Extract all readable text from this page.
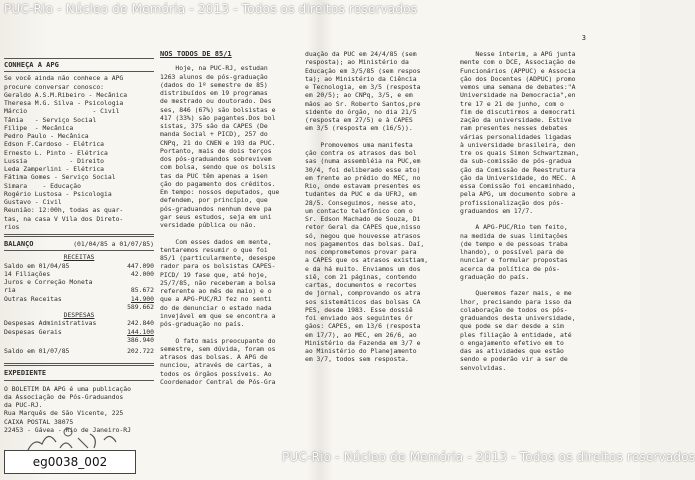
PUC-Rio - Núcleo de Memória - 2013 - Todos os direitos reservados
3

CONHEÇA A APG

Se você ainda não conhece a APG

procure conversar conosco:

Geraldo A.S.M.Ribeiro - Mecânica

Theresa M.G. Silva - Psicologia

Márcio                 - Civil

Tânia   - Serviço Social

Filipe  - Mecânica

Pedro Paulo - Mecânica

Edson F.Cardoso - Elétrica

Ernesto L. Pinto - Elétrica

Lussia           - Direito

Leda Zamperlini - Elétrica

Fátima Gomes - Serviço Social

Simara    - Educação

Rogério Lustosa - Psicologia

Gustavo - Civil

Reunião: 12:00h, todas as quar-
tas, na casa V Vila dos Direto-
rios

BALANÇO	(01/04/85 a 01/07/85)

RECEITAS

Saldo em 01/04/85	447.090
14 Filiações	42.000
Juros e Correção Moneta
ria	85.672
Outras Receitas	14.900
589.662

DESPESAS

Despesas Administrativas	242.840
Despesas Gerais	144.100
386.940
Saldo em 01/07/85	202.722

EXPEDIENTE

O BOLETIM DA APG é uma publicação
da Associação de Pós-Graduandos
da PUC-RJ.
Rua Marquês de São Vicente, 225
CAIXA POSTAL 38075
22453 - Gávea - Rio de Janeiro-RJ

NOS TODOS DE 85/1

Hoje, na PUC-RJ, estudan
1263 alunos de pós-graduação
(dados do 1º semestre de 85)
distribuídos em 19 programas
de mestrado ou doutorado. Des
ses, 846 (67%) são bolsistas e
417 (33%) são pagantes.Dos bol
sistas, 375 são da CAPES (De
manda Social + PICD), 257 do
CNPq, 21 do CNEN e 193 da PUC.
Portanto, mais de dois terços
dos pós-graduandos sobrevivem
com bolsa, sendo que os bolsis
tas da PUC têm apenas a isen
ção do pagamento dos créditos.
Em tempo: nossos deputados, que
defendem, por princípio, que
pós-graduandos nenhum deve pa
gar seus estudos, seja em uni
versidade pública ou não.

Com esses dados em mente,
tentaremos resumir o que foi
85/1 (particularmente, desespe
rador para os bolsistas CAPES-
PICD/ 19 fase que, até hoje,
25/7/85, não receberam a bolsa
referente ao mês de maio) e o
que a APG-PUC/RJ fez no senti
do de denunciar o estado nada
invejável em que se encontra a
pós-graduação no país.

O fato mais preocupante do
semestre, sem dúvida, foram os
atrasos das bolsas. A APG de
nunciou, através de cartas, a
todos os órgãos possíveis. Ao
Coordenador Central de Pós-Gra

duação da PUC em 24/4/85 (sem
resposta); ao Ministério da
Educação em 3/5/85 (sem respos
ta); ao Ministério da Ciência
e Tecnologia, em 3/5 (resposta
em 20/5); ao CNPq, 3/5, e em
mãos ao Sr. Roberto Santos,pre
sidente do órgão, no dia 21/5
(resposta em 27/5) e à CAPES
em 3/5 (resposta em (16/5)).

Promovemos uma manifesta
ção contra os atrasos das bol
sas (numa assembléia na PUC,em
30/4, foi deliberado esse ato)
em frente ao prédio do MEC, no
Rio, onde estavam presentes es
tudantes da PUC e da UFRJ, em
28/5. Conseguimos, nesse ato,
um contacto telefônico com o
Sr. Edson Machado de Souza, Di
retor Geral da CAPES que,nisso
só, negou que houvesse atrasos
nos pagamentos das bolsas. Daí,
nos comprometemos provar para
a CAPES que os atrasos existiam,
e da há muito. Enviamos um dos
siê, com 21 páginas, contendo
cartas, documentos e recortes
de jornal, comprovando os atra
sos sistemáticos das bolsas CA
PES, desde 1983. Esse dossiê
foi enviado aos seguintes ór
gãos: CAPES, em 13/6 (resposta
em 17/7), ao MEC, em 26/6, ao
Ministério da Fazenda em 3/7 e
ao Ministério do Planejamento
em 3/7, todos sem resposta.

Nesse ínterim, a APG junta
mente com o DCE, Associação de
Funcionários (APPUC) e Associa
ção dos Docentes (ADPUC) promo
vemos uma semana de debates:"A
Universidade na Democracia",en
tre 17 e 21 de junho, com o
fim de discutirmos a democrati
zação da universidade. Estive
ram presentes nesses debates
várias personalidades ligadas
à universidade brasileira, den
tre os quais Simon Schwartzman,
da sub-comissão de pós-gradua
ção da Comissão de Reestrutura
ção da Universidade, do MEC. A
essa Comissão foi encaminhado,
pela APG, um documento sobre a
profissionalização dos pós-
graduandos em 17/7.

A APG-PUC/Rio tem feito,
na medida de suas limitações
(de tempo e de pessoas traba
lhando), o possível para de
nunciar e formular propostas
acerca da política de pós-
graduação do país.

Queremos fazer mais, e me
lhor, precisando para isso da
colaboração de todos os pós-
graduandos desta universidade,
que pode se dar desde a sim
ples filiação à entidade, até
o engajamento efetivo em to
das as atividades que estão
sendo e poderão vir a ser de
senvolvidas.

PUC-Rio - Núcleo de Memória - 2013 - Todos os direitos reservados
eg0038_002
